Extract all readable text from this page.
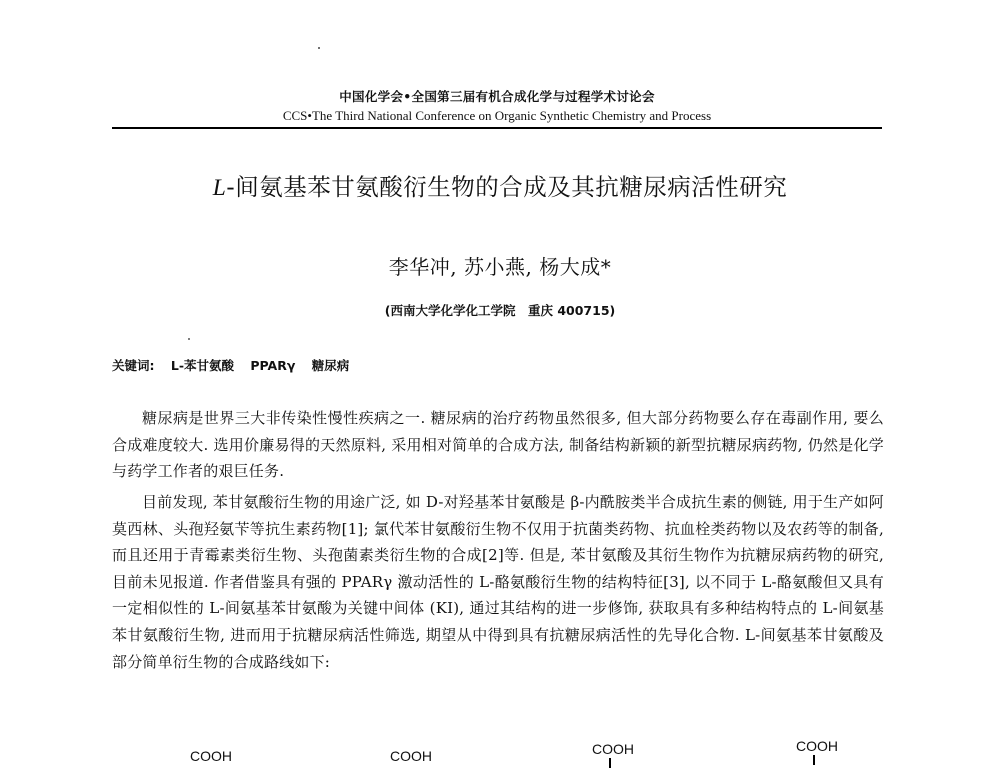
中国化学会•全国第三届有机合成化学与过程学术讨论会
CCS•The Third National Conference on Organic Synthetic Chemistry and Process
L-间氨基苯甘氨酸衍生物的合成及其抗糖尿病活性研究
李华冲, 苏小燕, 杨大成*
(西南大学化学化工学院　重庆 400715)
关键词: L-苯甘氨酸 PPARγ 糖尿病

糖尿病是世界三大非传染性慢性疾病之一. 糖尿病的治疗药物虽然很多, 但大部分药物要么存在毒副作用, 要么合成难度较大. 选用价廉易得的天然原料, 采用相对简单的合成方法, 制备结构新颖的新型抗糖尿病药物, 仍然是化学与药学工作者的艰巨任务.

目前发现, 苯甘氨酸衍生物的用途广泛, 如 D-对羟基苯甘氨酸是 β-内酰胺类半合成抗生素的侧链, 用于生产如阿莫西林、头孢羟氨苄等抗生素药物[1]; 氯代苯甘氨酸衍生物不仅用于抗菌类药物、抗血栓类药物以及农药等的制备, 而且还用于青霉素类衍生物、头孢菌素类衍生物的合成[2]等. 但是, 苯甘氨酸及其衍生物作为抗糖尿病药物的研究, 目前未见报道. 作者借鉴具有强的 PPARγ 激动活性的 L-酪氨酸衍生物的结构特征[3], 以不同于 L-酪氨酸但又具有一定相似性的 L-间氨基苯甘氨酸为关键中间体 (KI), 通过其结构的进一步修饰, 获取具有多种结构特点的 L-间氨基苯甘氨酸衍生物, 进而用于抗糖尿病活性筛选, 期望从中得到具有抗糖尿病活性的先导化合物. L-间氨基苯甘氨酸及部分简单衍生物的合成路线如下:

COOH	COOH	COOH	COOH
